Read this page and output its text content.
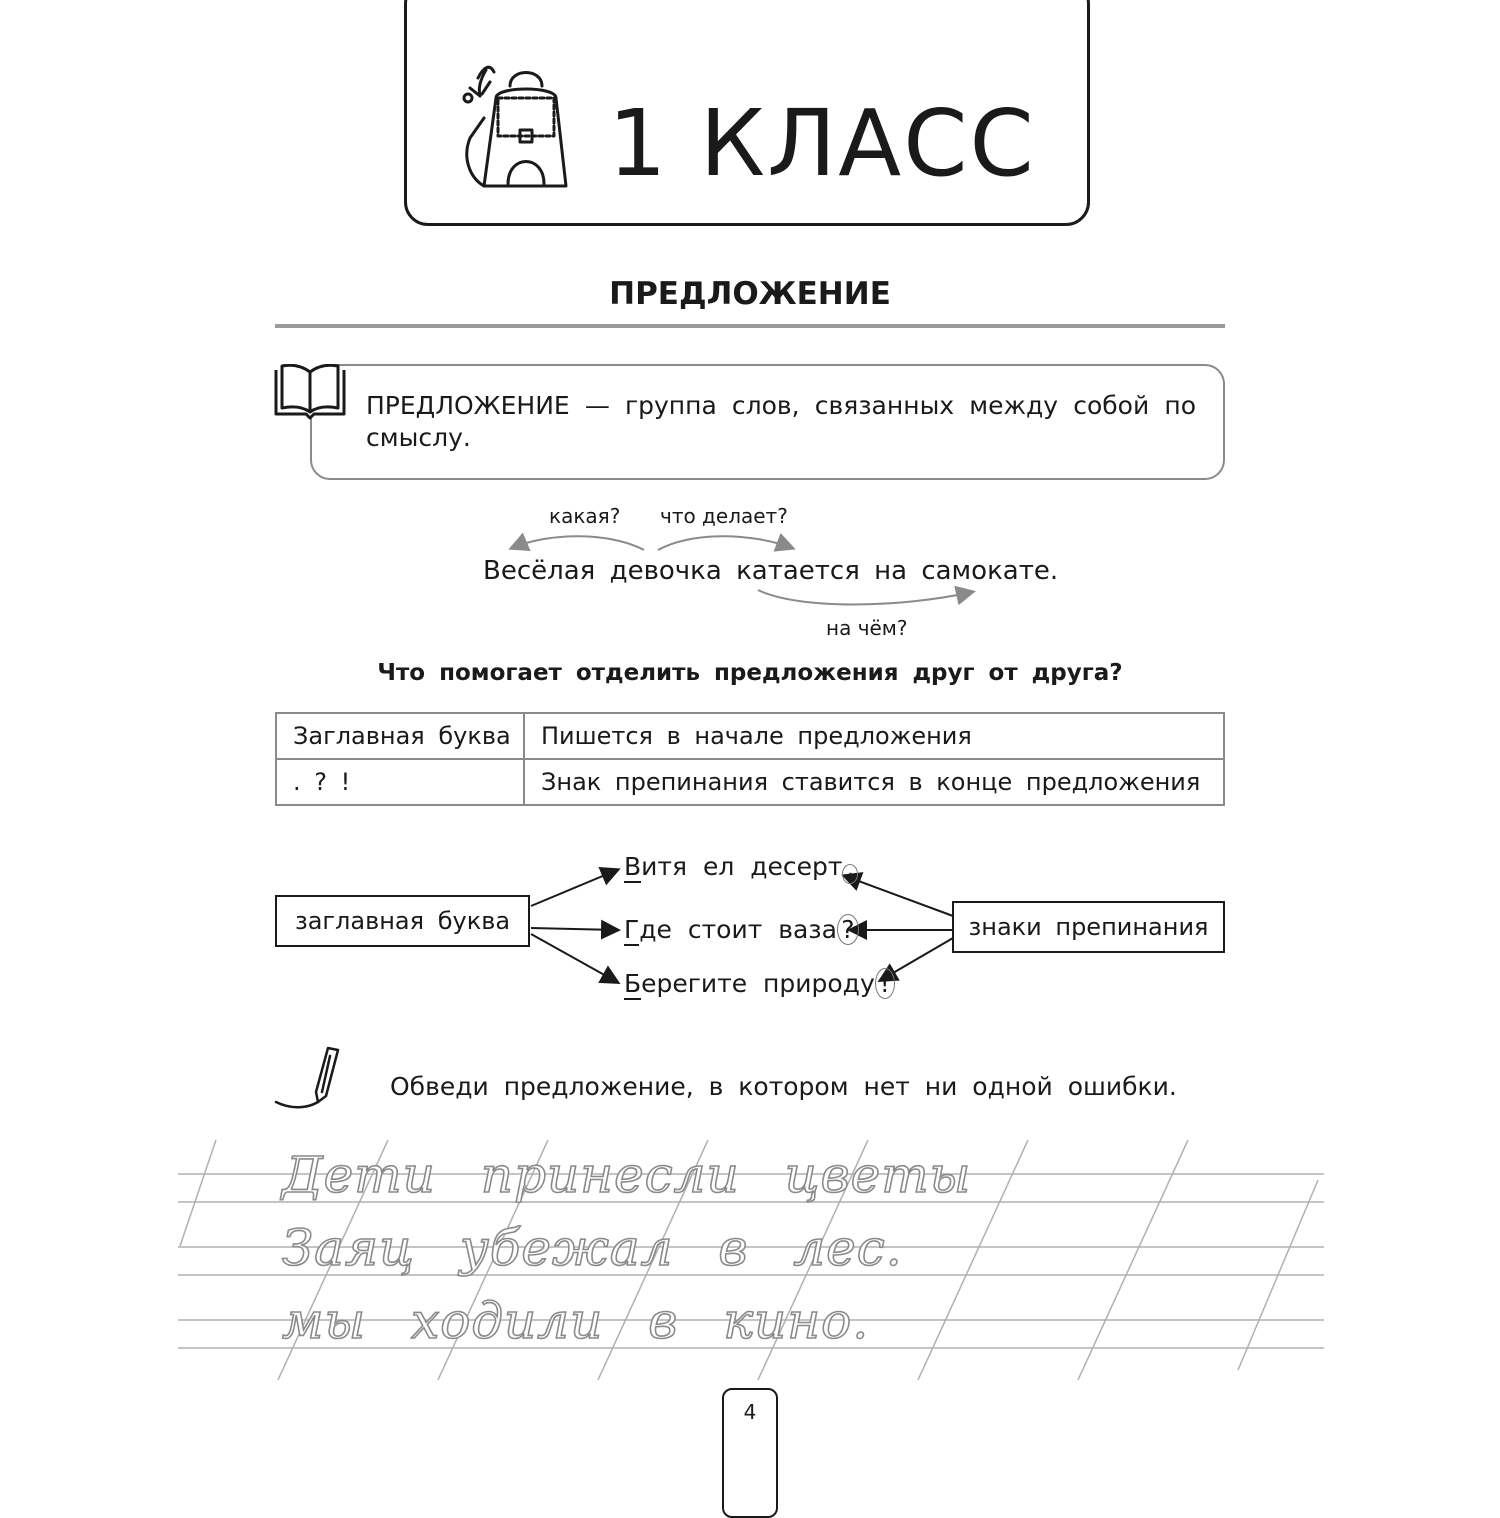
1 КЛАСС
ПРЕДЛОЖЕНИЕ
ПРЕДЛОЖЕНИЕ — группа слов, связанных между собой по смыслу.
какая? что делает?
Весёлая девочка катается на самокате.
на чём?
Что помогает отделить предложения друг от друга?
Заглавная буква	Пишется в начале предложения
. ? !	Знак препинания ставится в конце предложения
заглавная буква	знаки препинания
Витя ел десерт .
Где стоит ваза ?
Берегите природу !
Обведи предложение, в котором нет ни одной ошибки.
Дети принесли цветы
Заяц убежал в лес.
мы ходили в кино.
4
